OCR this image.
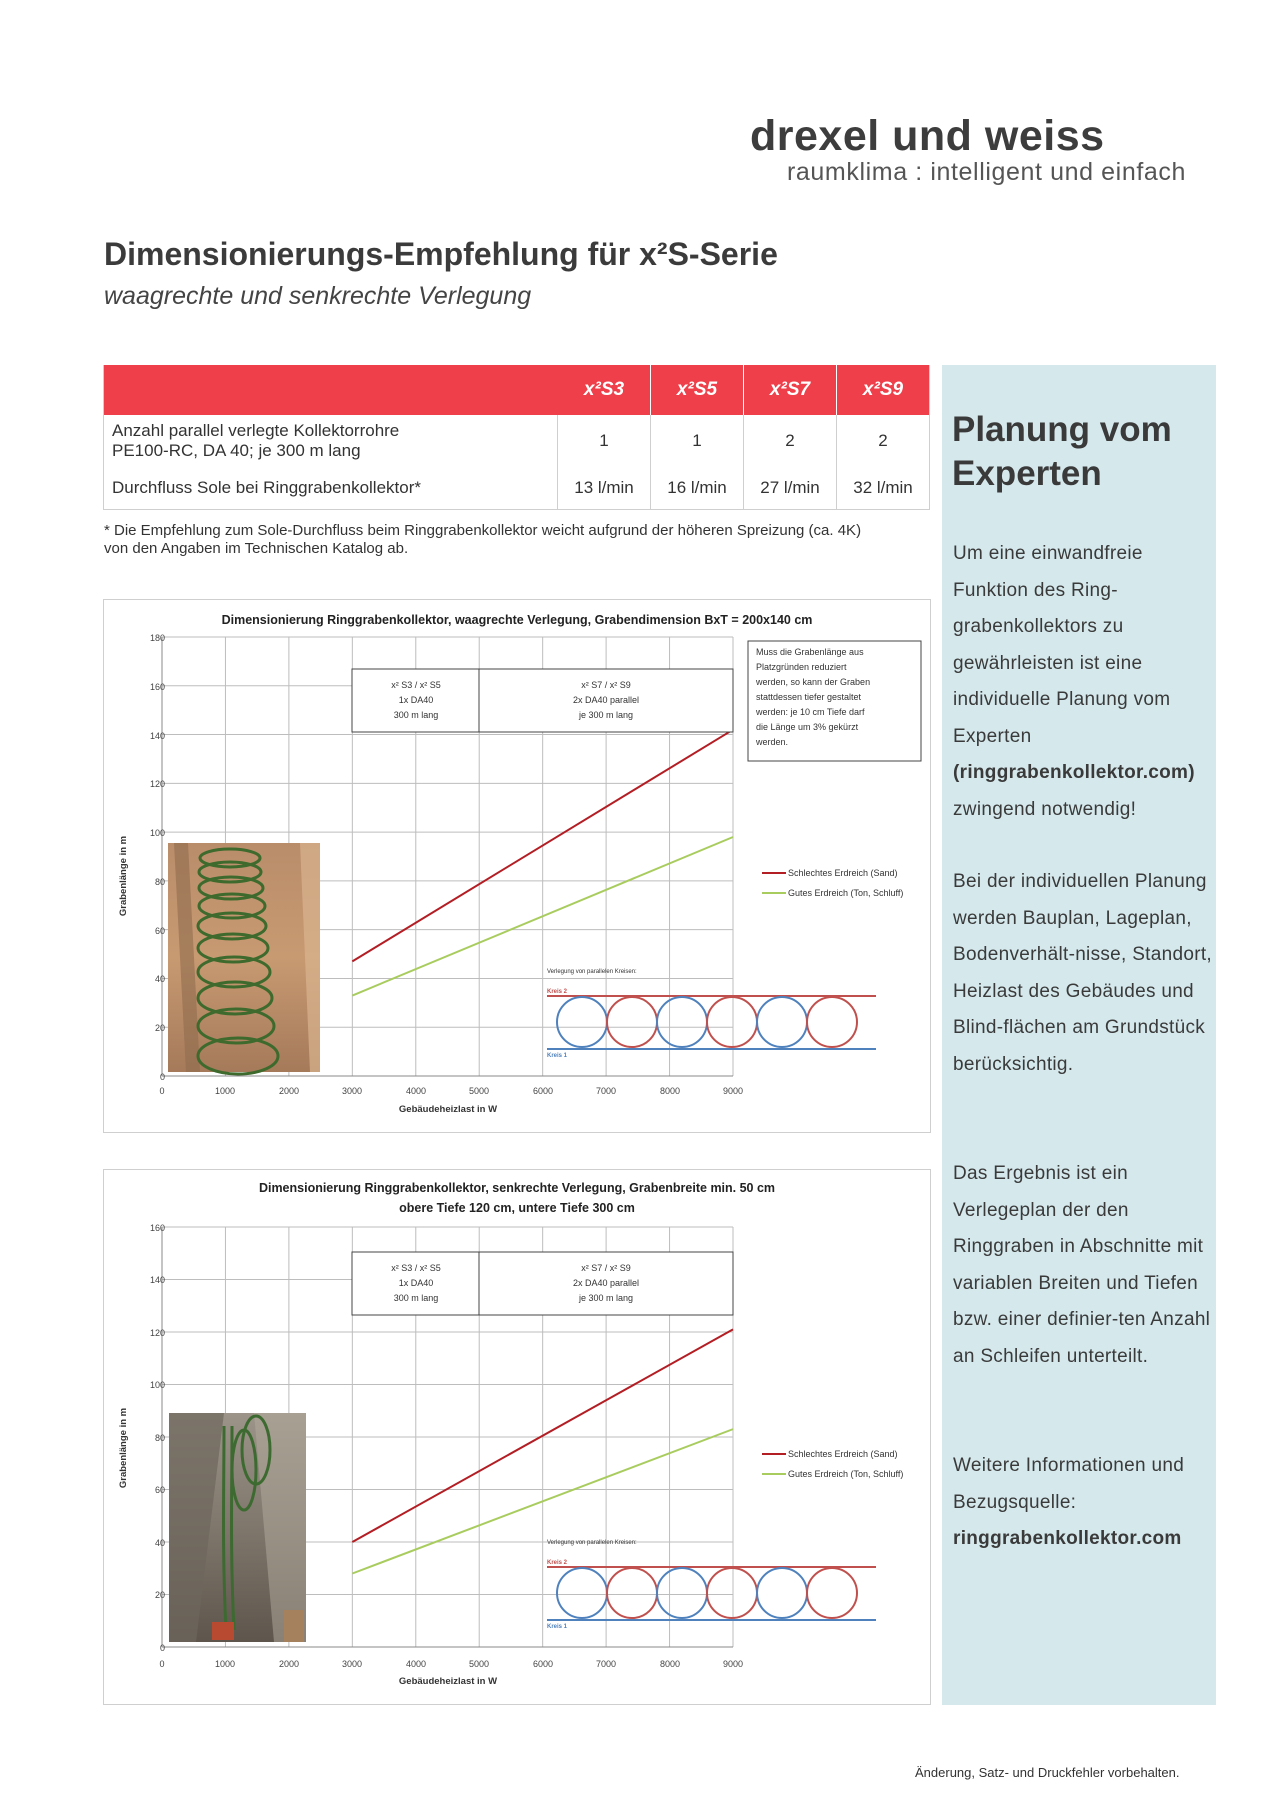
drexel und weiss
raumklima : intelligent und einfach
Dimensionierungs-Empfehlung für x²S-Serie
waagrechte und senkrechte Verlegung
	x²S3	x²S5	x²S7	x²S9
Anzahl parallel verlegte Kollektorrohre
PE100-RC, DA 40; je 300 m lang	1	1	2	2
Durchfluss Sole bei Ringgrabenkollektor*	13 l/min	16 l/min	27 l/min	32 l/min
* Die Empfehlung zum Sole-Durchfluss beim Ringgrabenkollektor weicht aufgrund der höheren Spreizung (ca. 4K) von den Angaben im Technischen Katalog ab.
Dimensionierung Ringgrabenkollektor, waagrechte Verlegung, Grabendimension BxT = 200x140 cm
0
20
40
60
80
100
120
140
160
180
0	1000	2000	3000	4000	5000	6000	7000	8000	9000
Gebäudeheizlast in W
Grabenlänge in m
x² S3 / x² S5
1x DA40
300 m lang
x² S7 / x² S9
2x DA40 parallel
je 300 m lang
Muss die Grabenlänge aus
Platzgründen reduziert
werden, so kann der Graben
stattdessen tiefer gestaltet
werden: je 10 cm Tiefe darf
die Länge um 3% gekürzt
werden.
Schlechtes Erdreich (Sand)
Gutes Erdreich (Ton, Schluff)
Verlegung von parallelen Kreisen:
Kreis 2
Kreis 1
Dimensionierung Ringgrabenkollektor, senkrechte Verlegung, Grabenbreite min. 50 cm
obere Tiefe 120 cm, untere Tiefe 300 cm
0
20
40
60
80
100
120
140
160
0	1000	2000	3000	4000	5000	6000	7000	8000	9000
Gebäudeheizlast in W
Grabenlänge in m
x² S3 / x² S5
1x DA40
300 m lang
x² S7 / x² S9
2x DA40 parallel
je 300 m lang
Schlechtes Erdreich (Sand)
Gutes Erdreich (Ton, Schluff)
Verlegung von parallelen Kreisen:
Kreis 2
Kreis 1
Planung vom Experten
Um eine einwandfreie Funktion des Ring-grabenkollektors zu gewährleisten ist eine individuelle Planung vom Experten (ringgrabenkollektor.com) zwingend notwendig!
Bei der individuellen Planung werden Bauplan, Lageplan, Bodenverhält-nisse, Standort, Heizlast des Gebäudes und Blind-flächen am Grundstück berücksichtig.
Das Ergebnis ist ein Verlegeplan der den Ringgraben in Abschnitte mit variablen Breiten und Tiefen bzw. einer definier-ten Anzahl an Schleifen unterteilt.
Weitere Informationen und Bezugsquelle: ringgrabenkollektor.com
Änderung, Satz- und Druckfehler vorbehalten.
